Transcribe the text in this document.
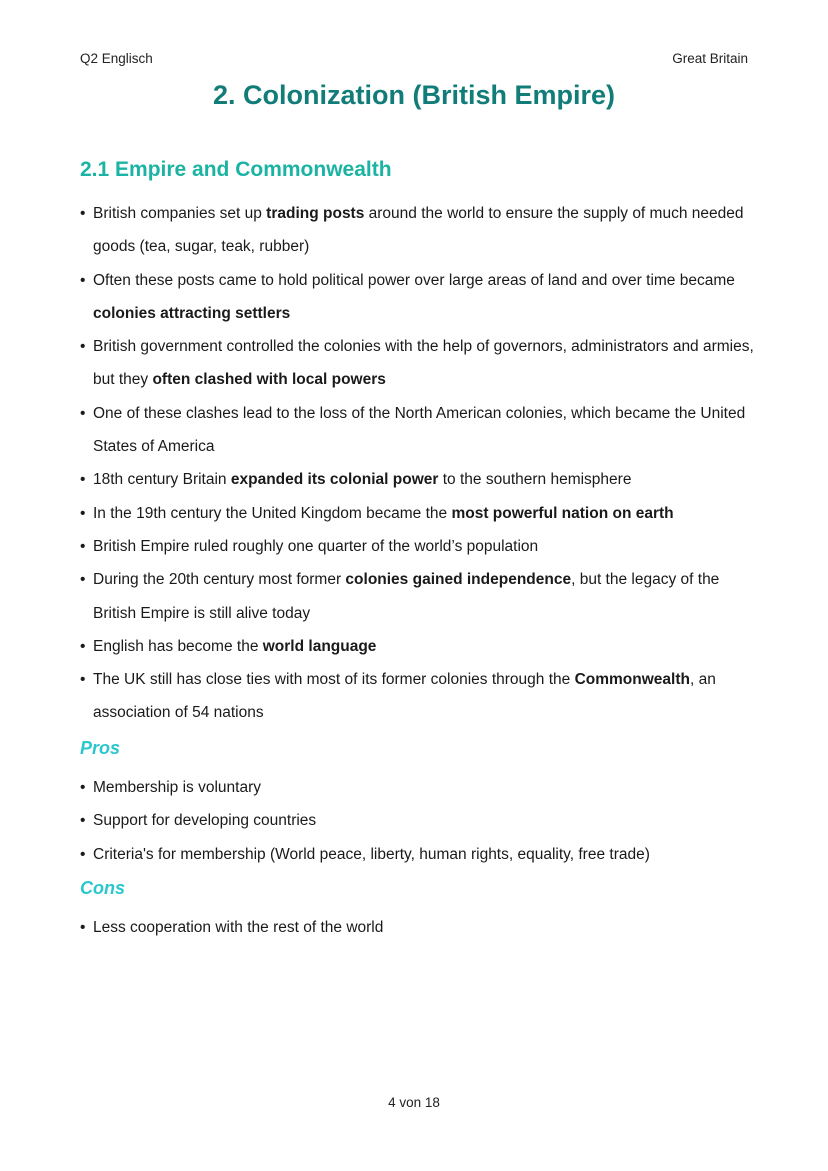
Q2 Englisch	Great Britain
2. Colonization (British Empire)
2.1 Empire and Commonwealth
• British companies set up trading posts around the world to ensure the supply of much needed goods (tea, sugar, teak, rubber)
• Often these posts came to hold political power over large areas of land and over time became colonies attracting settlers
• British government controlled the colonies with the help of governors, administrators and armies, but they often clashed with local powers
• One of these clashes lead to the loss of the North American colonies, which became the United States of America
• 18th century Britain expanded its colonial power to the southern hemisphere
• In the 19th century the United Kingdom became the most powerful nation on earth
• British Empire ruled roughly one quarter of the world’s population
• During the 20th century most former colonies gained independence, but the legacy of the British Empire is still alive today
• English has become the world language
• The UK still has close ties with most of its former colonies through the Commonwealth, an association of 54 nations
Pros
• Membership is voluntary
• Support for developing countries
• Criteria's for membership (World peace, liberty, human rights, equality, free trade)
Cons
• Less cooperation with the rest of the world
4 von 18
